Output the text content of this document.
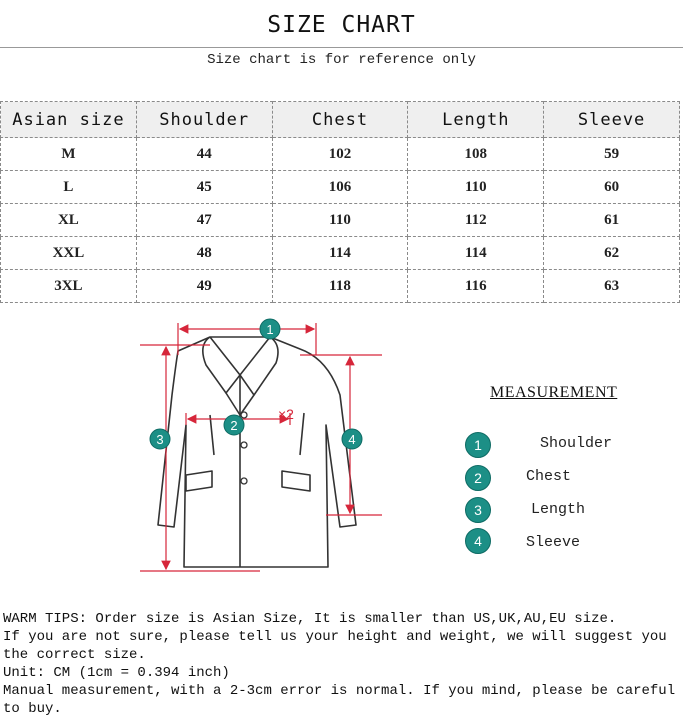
SIZE CHART
Size chart is for reference only
Asian size	Shoulder	Chest	Length	Sleeve
M	44	102	108	59
L	45	106	110	60
XL	47	110	112	61
XXL	48	114	114	62
3XL	49	118	116	63
1
2
×2
3	4
MEASUREMENT
1	Shoulder
2	Chest
3	Length
4	Sleeve
WARM TIPS: Order size is Asian Size, It is smaller than US,UK,AU,EU size.
If you are not sure, please tell us your height and weight, we will suggest you the correct size.
Unit: CM (1cm = 0.394 inch)
Manual measurement, with a 2-3cm error is normal. If you mind, please be careful to buy.
